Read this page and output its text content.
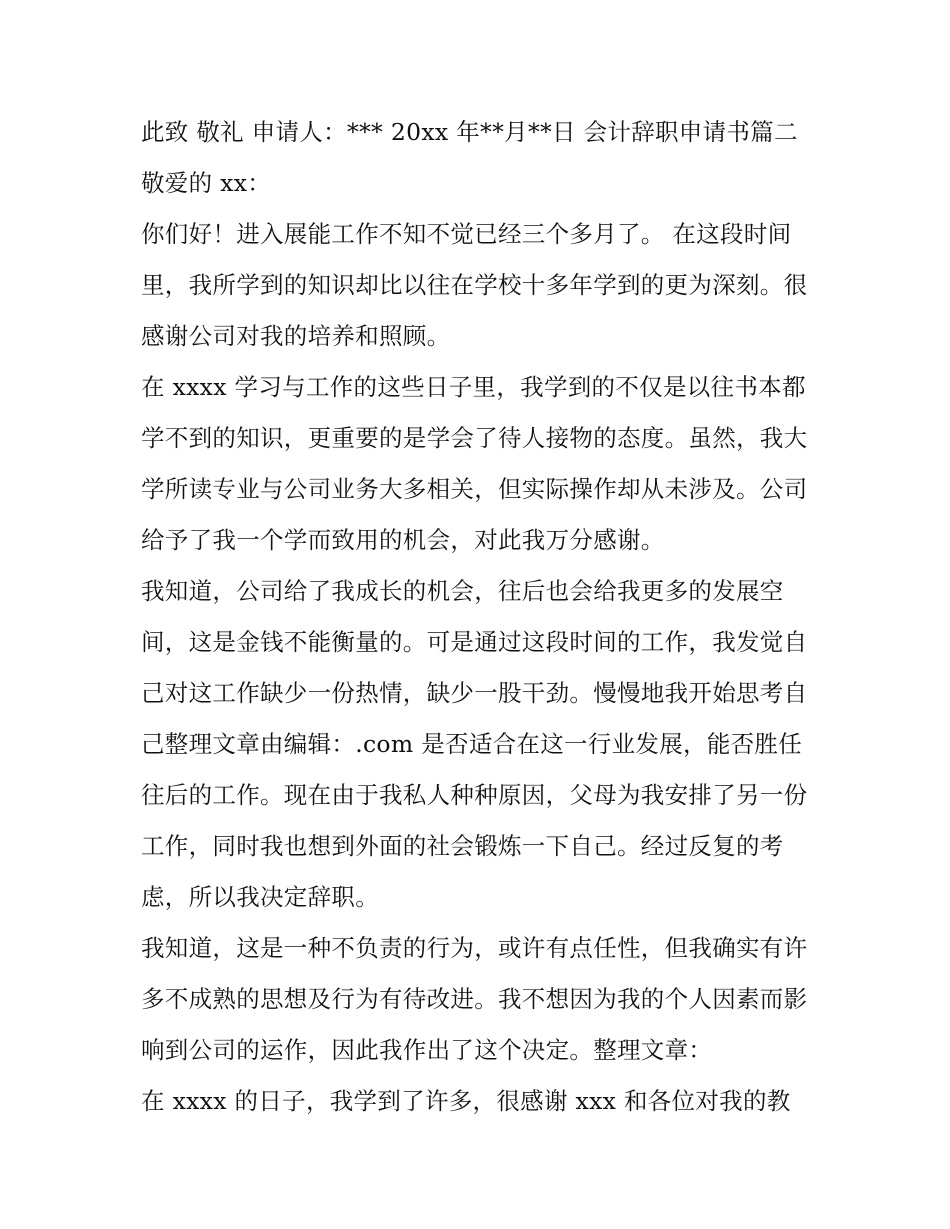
此致 敬礼 申请人：*** 20xx 年**月**日 会计辞职申请书篇二

敬爱的 xx：

你们好！进入展能工作不知不觉已经三个多月了。 在这段时间里，我所学到的知识却比以往在学校十多年学到的更为深刻。很感谢公司对我的培养和照顾。

在 xxxx 学习与工作的这些日子里，我学到的不仅是以往书本都学不到的知识，更重要的是学会了待人接物的态度。虽然，我大学所读专业与公司业务大多相关，但实际操作却从未涉及。公司给予了我一个学而致用的机会，对此我万分感谢。

我知道，公司给了我成长的机会，往后也会给我更多的发展空间，这是金钱不能衡量的。可是通过这段时间的工作，我发觉自己对这工作缺少一份热情，缺少一股干劲。慢慢地我开始思考自己整理文章由编辑：.com 是否适合在这一行业发展，能否胜任往后的工作。现在由于我私人种种原因，父母为我安排了另一份工作，同时我也想到外面的社会锻炼一下自己。经过反复的考虑，所以我决定辞职。

我知道，这是一种不负责的行为，或许有点任性，但我确实有许多不成熟的思想及行为有待改进。我不想因为我的个人因素而影响到公司的运作，因此我作出了这个决定。整理文章：

在 xxxx 的日子，我学到了许多，很感谢 xxx 和各位对我的教
